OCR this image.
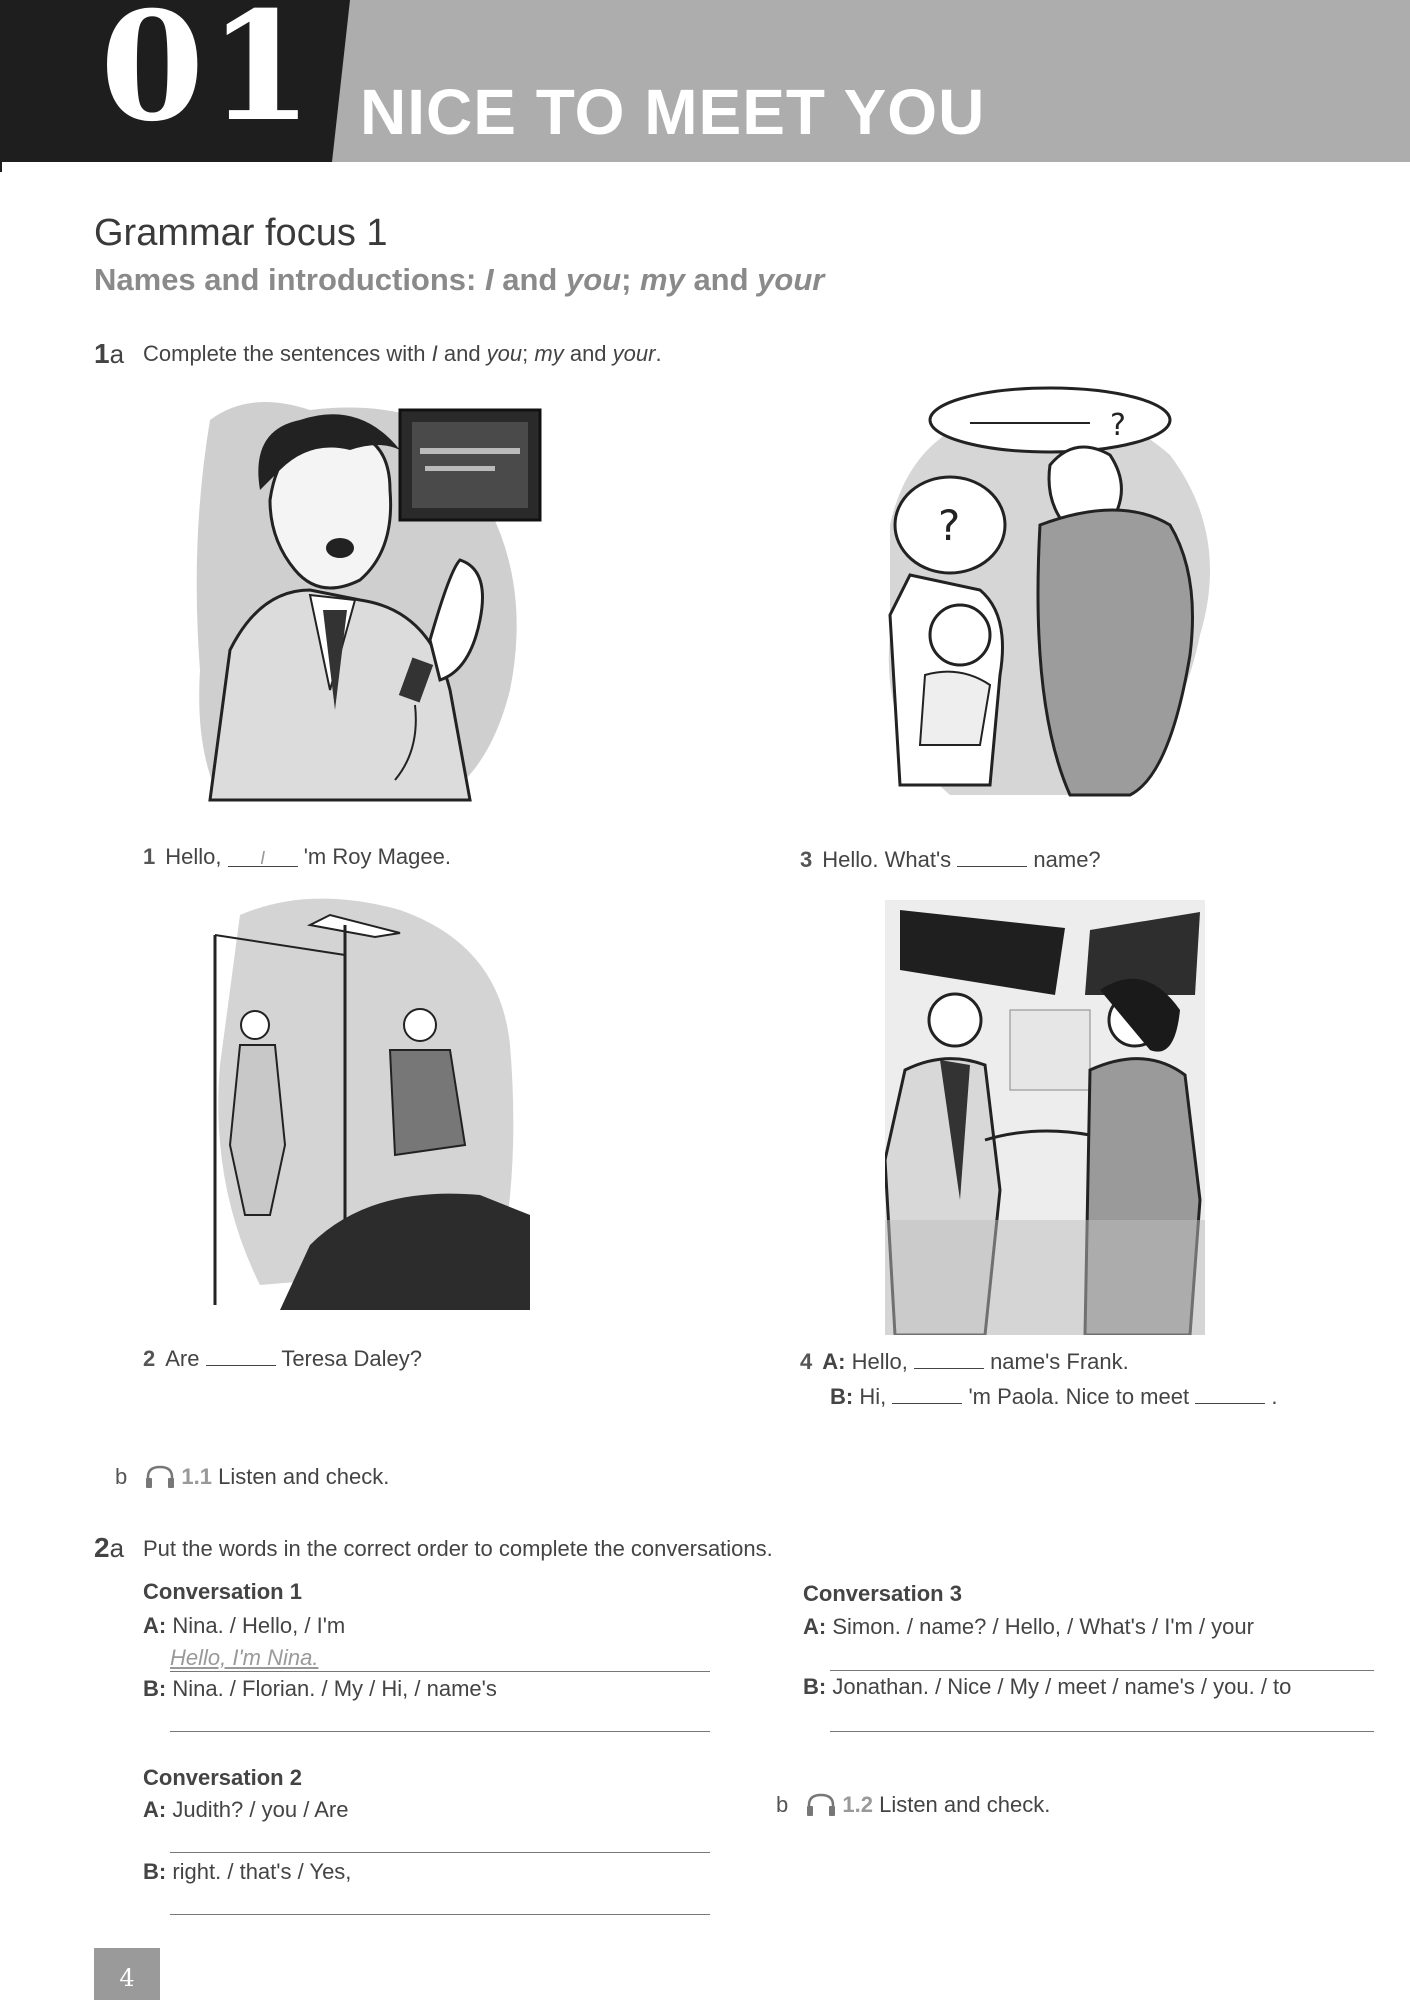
01 NICE TO MEET YOU
Grammar focus 1
Names and introductions: I and you; my and your
1a Complete the sentences with I and you; my and your.
?
?
1 Hello, I 'm Roy Magee.	3 Hello. What's	name?
2 Are	Teresa Daley?	4 A: Hello,	name's Frank.
B: Hi,	'm Paola. Nice to meet	.
b 1.1 Listen and check.
2a Put the words in the correct order to complete the conversations.
Conversation 1
A: Nina. / Hello, / I'm
Hello, I'm Nina.
B: Nina. / Florian. / My / Hi, / name's
Conversation 2
A: Judith? / you / Are
B: right. / that's / Yes,
Conversation 3
A: Simon. / name? / Hello, / What's / I'm / your
B: Jonathan. / Nice / My / meet / name's / you. / to
b 1.2 Listen and check.
4
